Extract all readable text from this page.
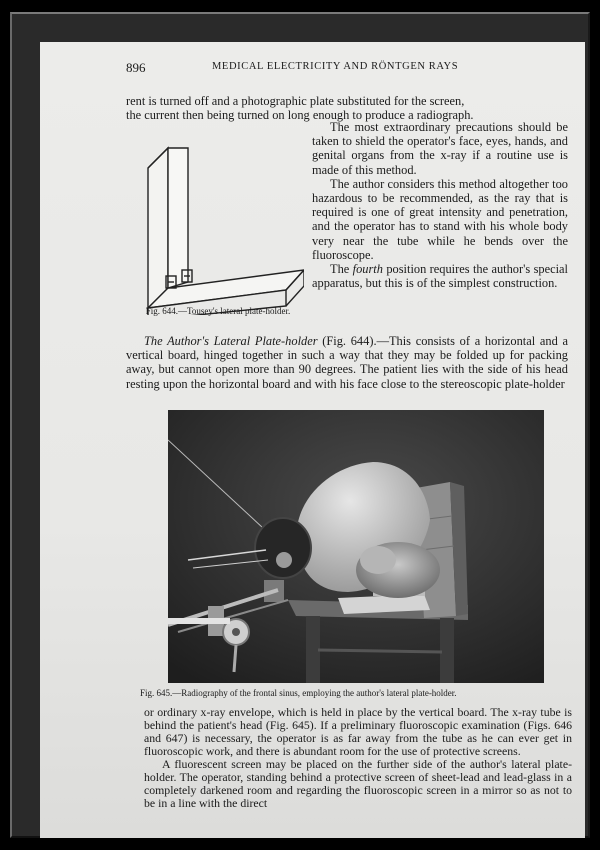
896	MEDICAL ELECTRICITY AND RÖNTGEN RAYS
rent is turned off and a photographic plate substituted for the screen,
the current then being turned on long enough to produce a radiograph.
Fig. 644.—Tousey's lateral plate-holder.

The most extraordinary precautions should be taken to shield the operator's face, eyes, hands, and genital organs from the x-ray if a routine use is made of this method.

The author considers this method altogether too hazardous to be recommended, as the ray that is required is one of great intensity and penetration, and the operator has to stand with his whole body very near the tube while he bends over the fluoroscope.

The fourth position requires the author's special apparatus, but this is of the simplest construction.

The Author's Lateral Plate-holder (Fig. 644).—This consists of a horizontal and a vertical board, hinged together in such a way that they may be folded up for packing away, but cannot open more than 90 degrees. The patient lies with the side of his head resting upon the horizontal board and with his face close to the stereoscopic plate-holder
Fig. 645.—Radiography of the frontal sinus, employing the author's lateral plate-holder.

or ordinary x-ray envelope, which is held in place by the vertical board. The x-ray tube is behind the patient's head (Fig. 645). If a preliminary fluoroscopic examination (Figs. 646 and 647) is necessary, the operator is as far away from the tube as he can ever get in fluoroscopic work, and there is abundant room for the use of protective screens.

A fluorescent screen may be placed on the further side of the author's lateral plate-holder. The operator, standing behind a protective screen of sheet-lead and lead-glass in a completely darkened room and regarding the fluoroscopic screen in a mirror so as not to be in a line with the direct
